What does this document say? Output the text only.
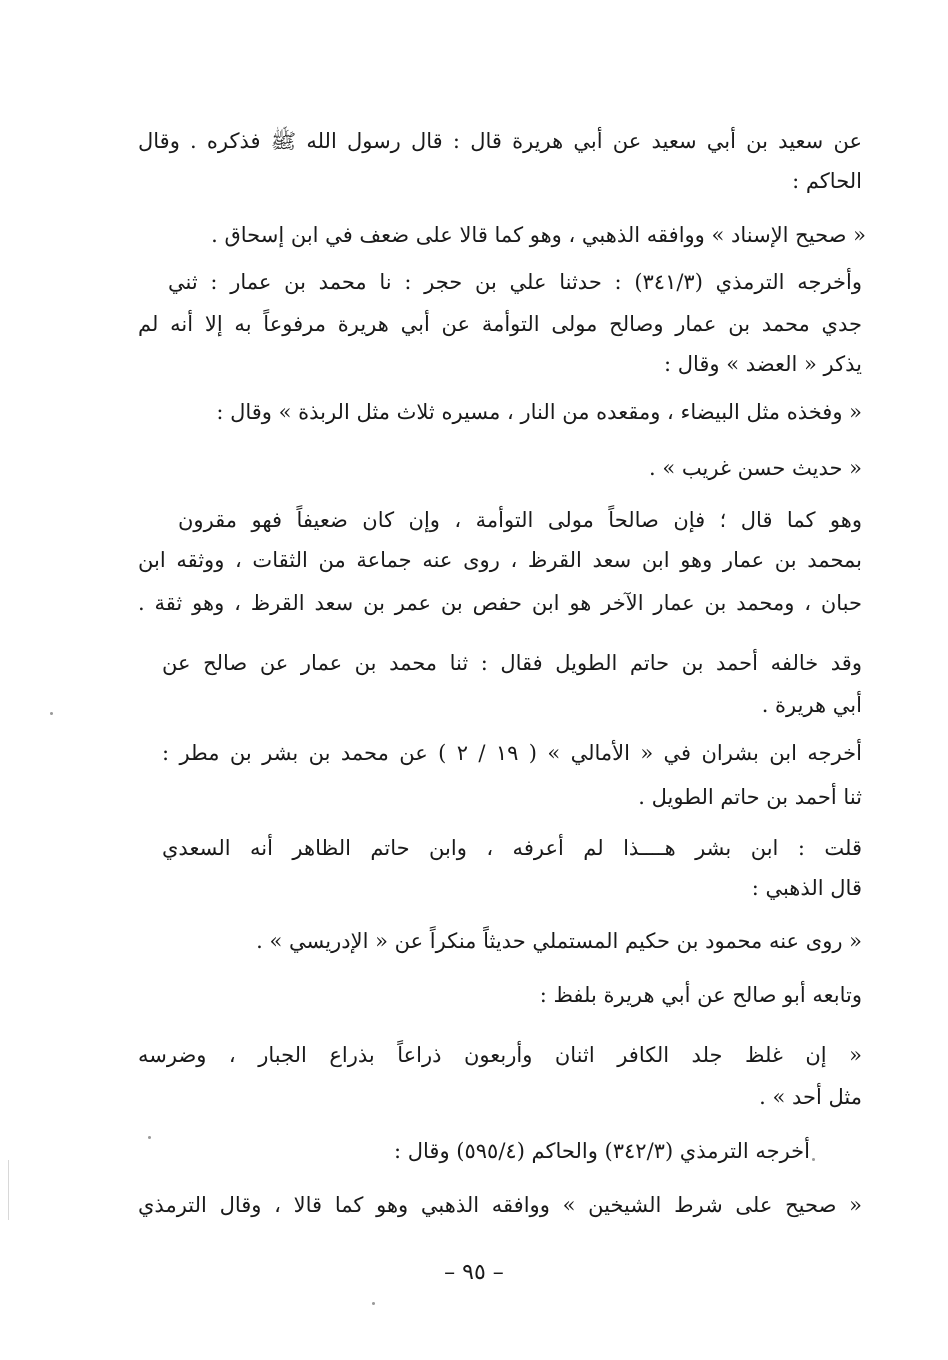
عن سعيد بن أبي سعيد عن أبي هريرة قال : قال رسول الله ﷺ فذكره . وقال
الحاكم :
« صحيح الإسناد » ووافقه الذهبي ، وهو كما قالا على ضعف في ابن إسحاق .
وأخرجه الترمذي (٣٤١/٣) : حدثنا علي بن حجر : نا محمد بن عمار : ثني
جدي محمد بن عمار وصالح مولى التوأمة عن أبي هريرة مرفوعاً به إلا أنه لم
يذكر « العضد » وقال :
« وفخذه مثل البيضاء ، ومقعده من النار ، مسيره ثلاث مثل الربذة » وقال :
« حديث حسن غريب » .
وهو كما قال ؛ فإن صالحاً مولى التوأمة ، وإن كان ضعيفاً فهو مقرون
بمحمد بن عمار وهو ابن سعد القرظ ، روى عنه جماعة من الثقات ، ووثقه ابن
حبان ، ومحمد بن عمار الآخر هو ابن حفص بن عمر بن سعد القرظ ، وهو ثقة .
وقد خالفه أحمد بن حاتم الطويل فقال : ثنا محمد بن عمار عن صالح عن
أبي هريرة .
أخرجه ابن بشران في « الأمالي » ( ١٩ / ٢ ) عن محمد بن بشر بن مطر :
ثنا أحمد بن حاتم الطويل .
قلت : ابن بشر هــــذا لم أعرفه ، وابن حاتم الظاهر أنه السعدي
قال الذهبي :
« روى عنه محمود بن حكيم المستملي حديثاً منكراً عن « الإدريسي » .
وتابعه أبو صالح عن أبي هريرة بلفظ :
« إن غلظ جلد الكافر اثنان وأربعون ذراعاً بذراع الجبار ، وضرسه
مثل أحد » .
أخرجه الترمذي (٣٤٢/٣) والحاكم (٥٩٥/٤) وقال :
« صحيح على شرط الشيخين » ووافقه الذهبي وهو كما قالا ، وقال الترمذي
– ٩٥ –
